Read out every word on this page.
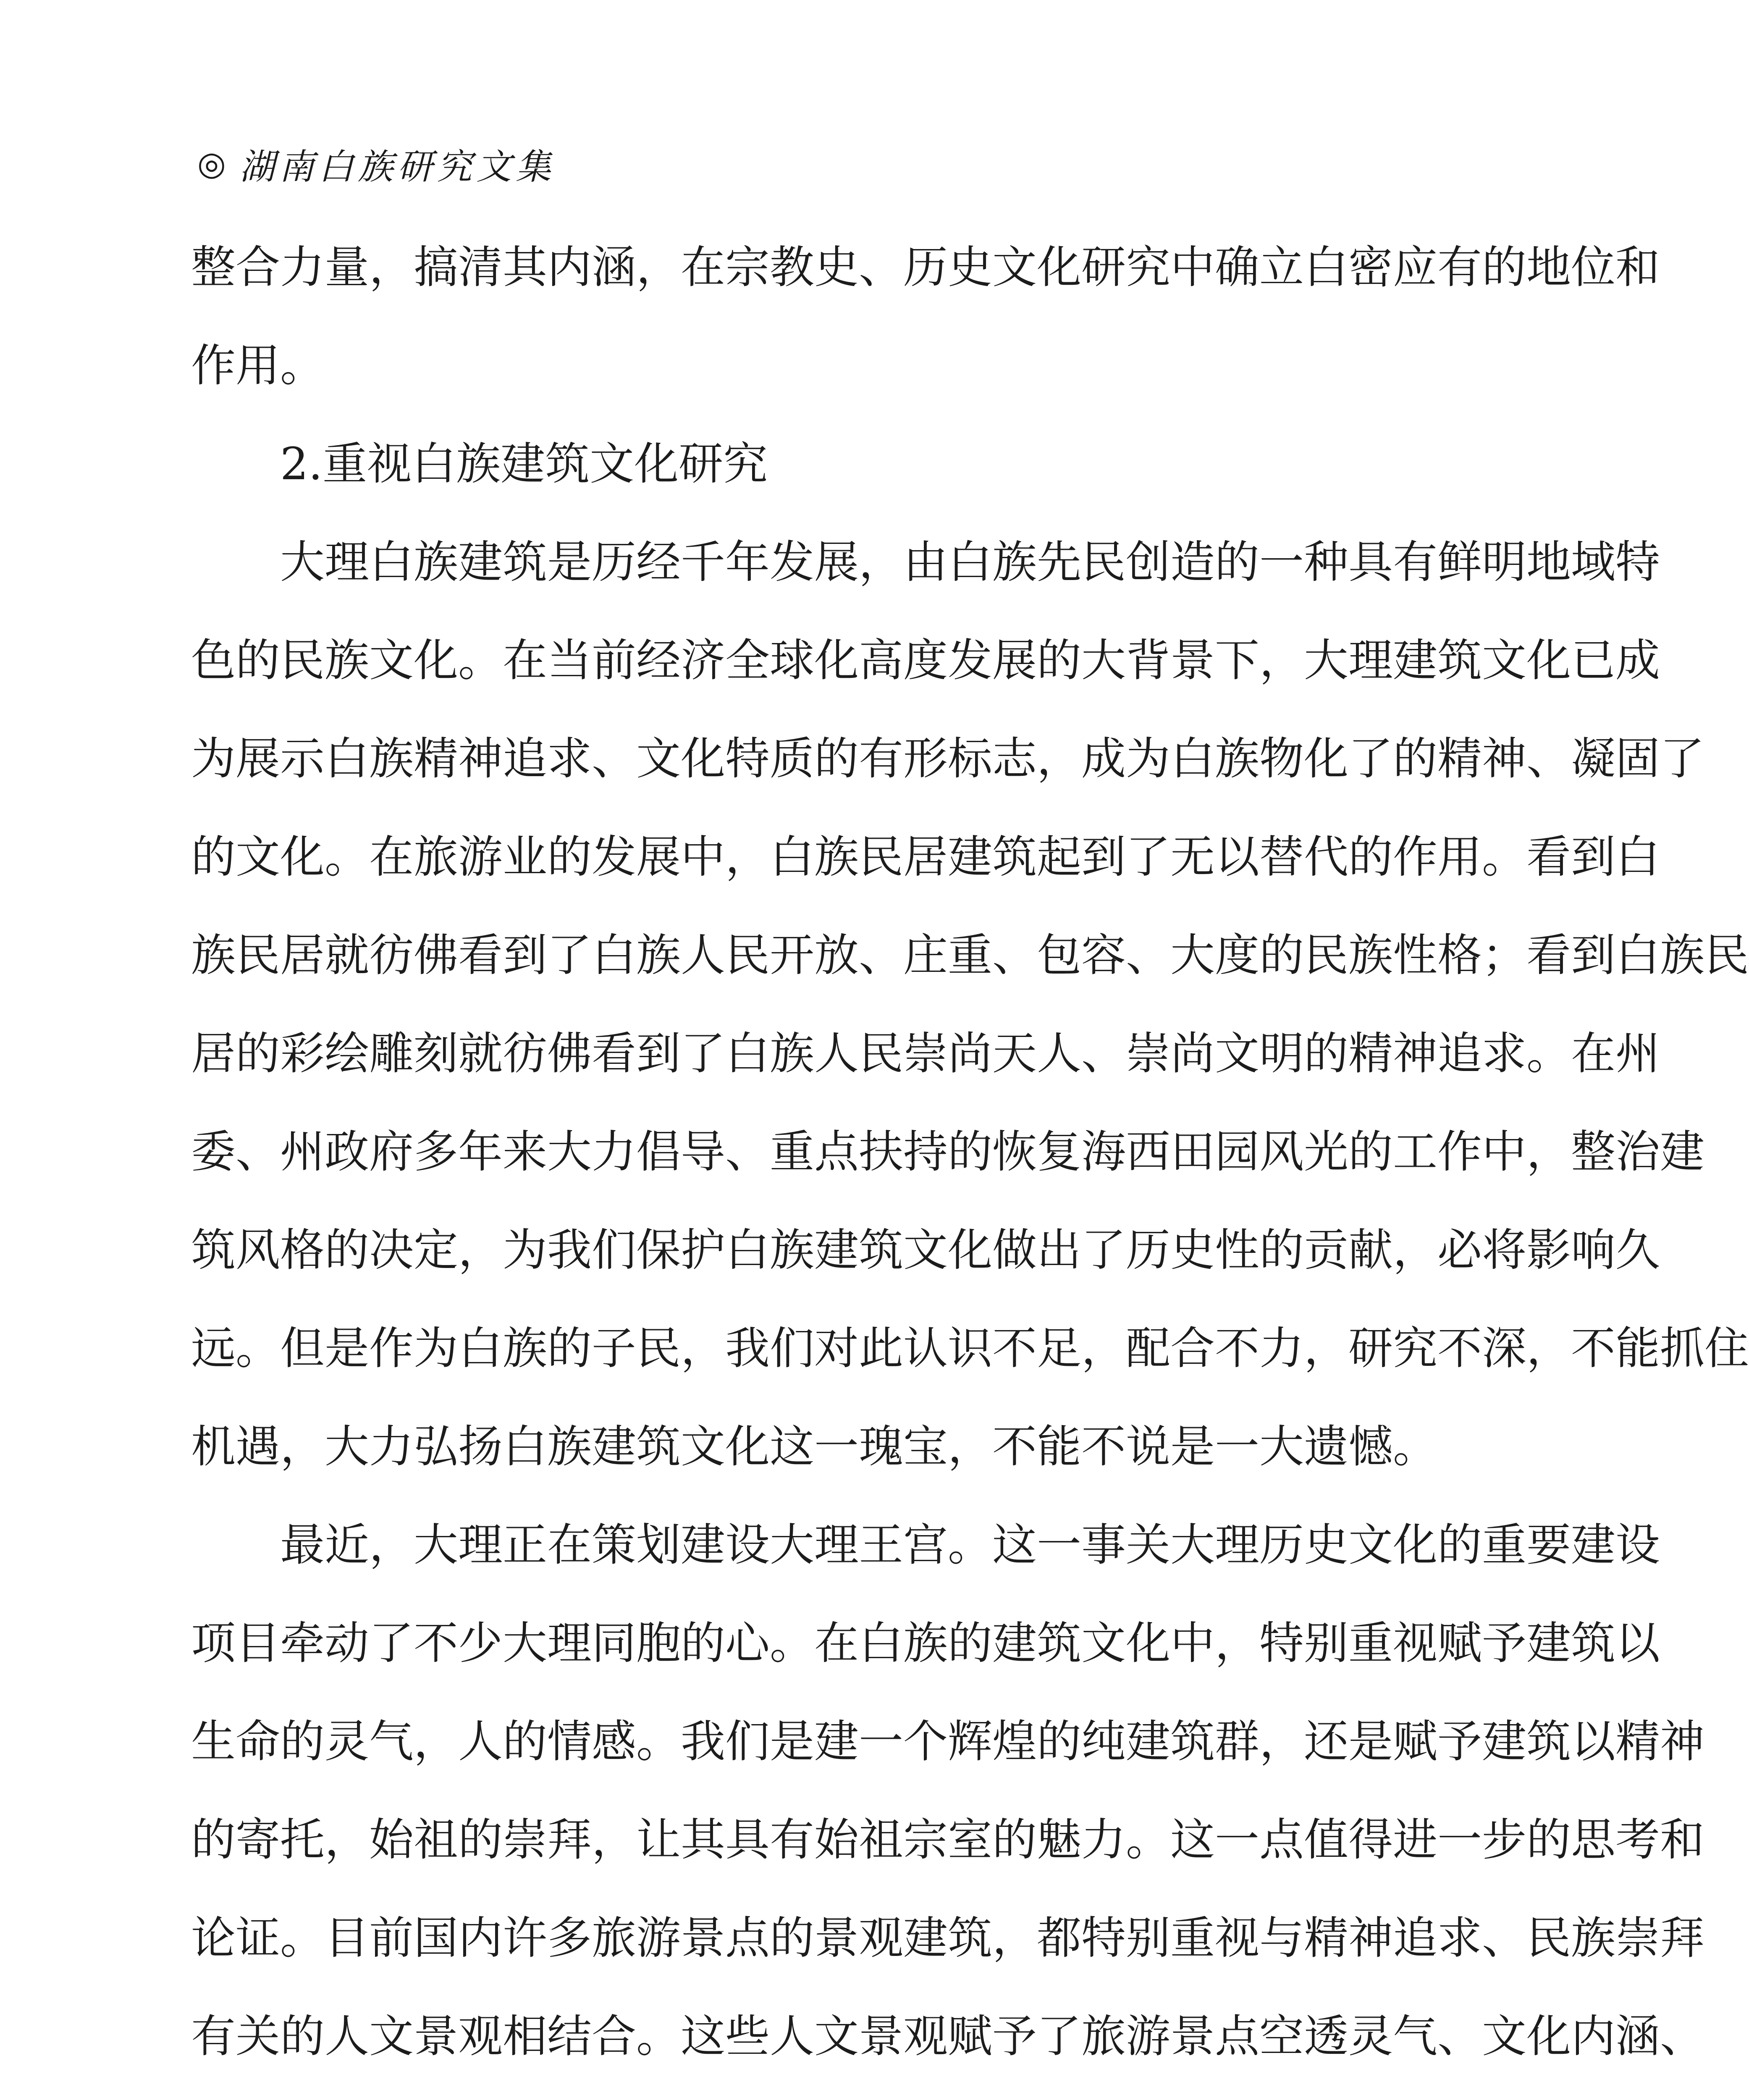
◎ 湖南白族研究文集
整合力量，搞清其内涵，在宗教史、历史文化研究中确立白密应有的地位和
作用。
2.重视白族建筑文化研究
大理白族建筑是历经千年发展，由白族先民创造的一种具有鲜明地域特
色的民族文化。在当前经济全球化高度发展的大背景下，大理建筑文化已成
为展示白族精神追求、文化特质的有形标志，成为白族物化了的精神、凝固了
的文化。在旅游业的发展中，白族民居建筑起到了无以替代的作用。看到白
族民居就彷佛看到了白族人民开放、庄重、包容、大度的民族性格；看到白族民
居的彩绘雕刻就彷佛看到了白族人民崇尚天人、崇尚文明的精神追求。在州
委、州政府多年来大力倡导、重点扶持的恢复海西田园风光的工作中，整治建
筑风格的决定，为我们保护白族建筑文化做出了历史性的贡献，必将影响久
远。但是作为白族的子民，我们对此认识不足，配合不力，研究不深，不能抓住
机遇，大力弘扬白族建筑文化这一瑰宝，不能不说是一大遗憾。
最近，大理正在策划建设大理王宫。这一事关大理历史文化的重要建设
项目牵动了不少大理同胞的心。在白族的建筑文化中，特别重视赋予建筑以
生命的灵气，人的情感。我们是建一个辉煌的纯建筑群，还是赋予建筑以精神
的寄托，始祖的崇拜，让其具有始祖宗室的魅力。这一点值得进一步的思考和
论证。目前国内许多旅游景点的景观建筑，都特别重视与精神追求、民族崇拜
有关的人文景观相结合。这些人文景观赋予了旅游景点空透灵气、文化内涵、
